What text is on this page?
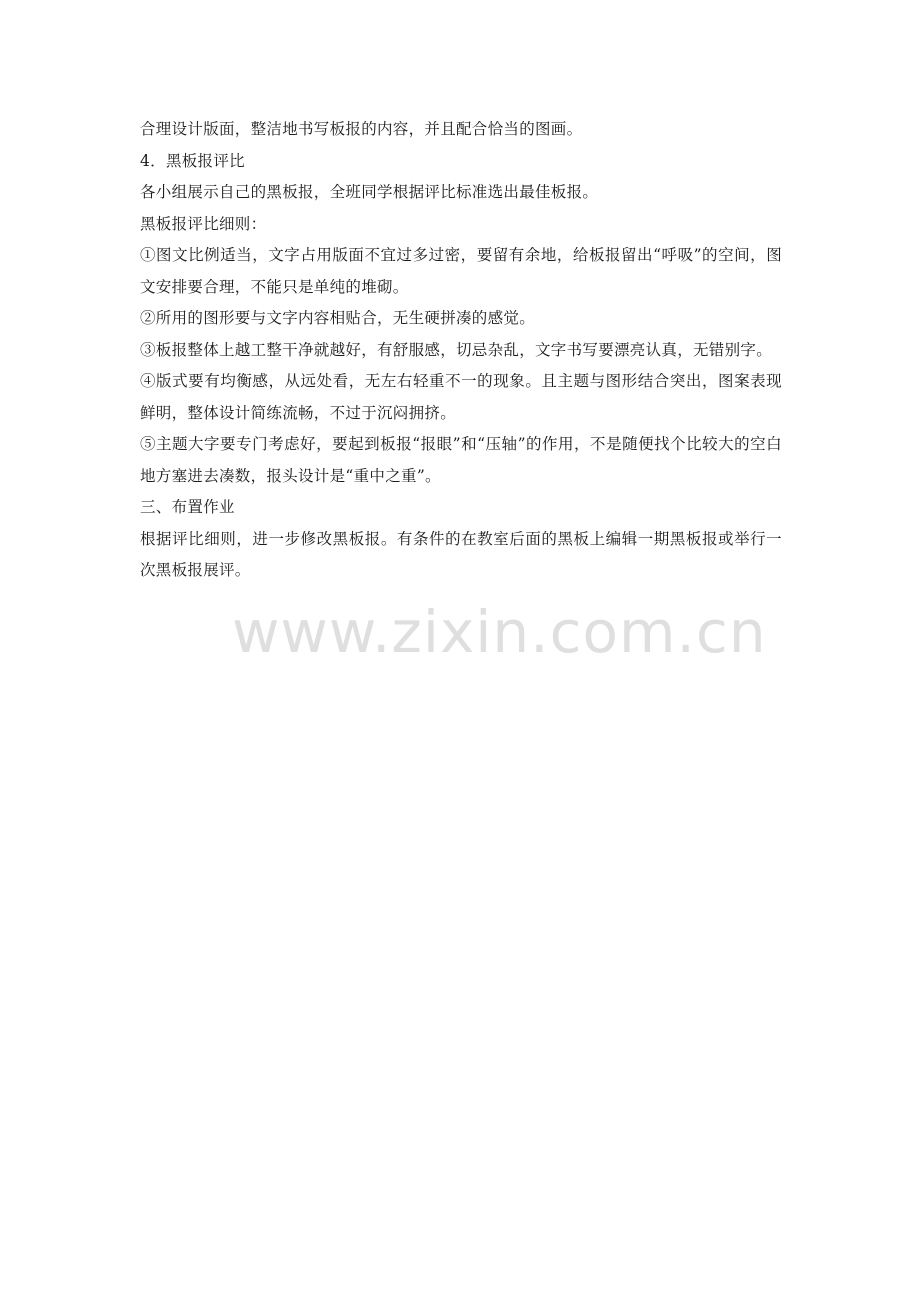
合理设计版面，整洁地书写板报的内容，并且配合恰当的图画。

4．黑板报评比

各小组展示自己的黑板报，全班同学根据评比标准选出最佳板报。

黑板报评比细则：

①图文比例适当，文字占用版面不宜过多过密，要留有余地，给板报留出“呼吸”的空间，图文安排要合理，不能只是单纯的堆砌。

②所用的图形要与文字内容相贴合，无生硬拼凑的感觉。

③板报整体上越工整干净就越好，有舒服感，切忌杂乱，文字书写要漂亮认真，无错别字。

④版式要有均衡感，从远处看，无左右轻重不一的现象。且主题与图形结合突出，图案表现鲜明，整体设计简练流畅，不过于沉闷拥挤。

⑤主题大字要专门考虑好，要起到板报“报眼”和“压轴”的作用，不是随便找个比较大的空白地方塞进去凑数，报头设计是“重中之重”。

三、布置作业

根据评比细则，进一步修改黑板报。有条件的在教室后面的黑板上编辑一期黑板报或举行一次黑板报展评。

www.zixin.com.cn
